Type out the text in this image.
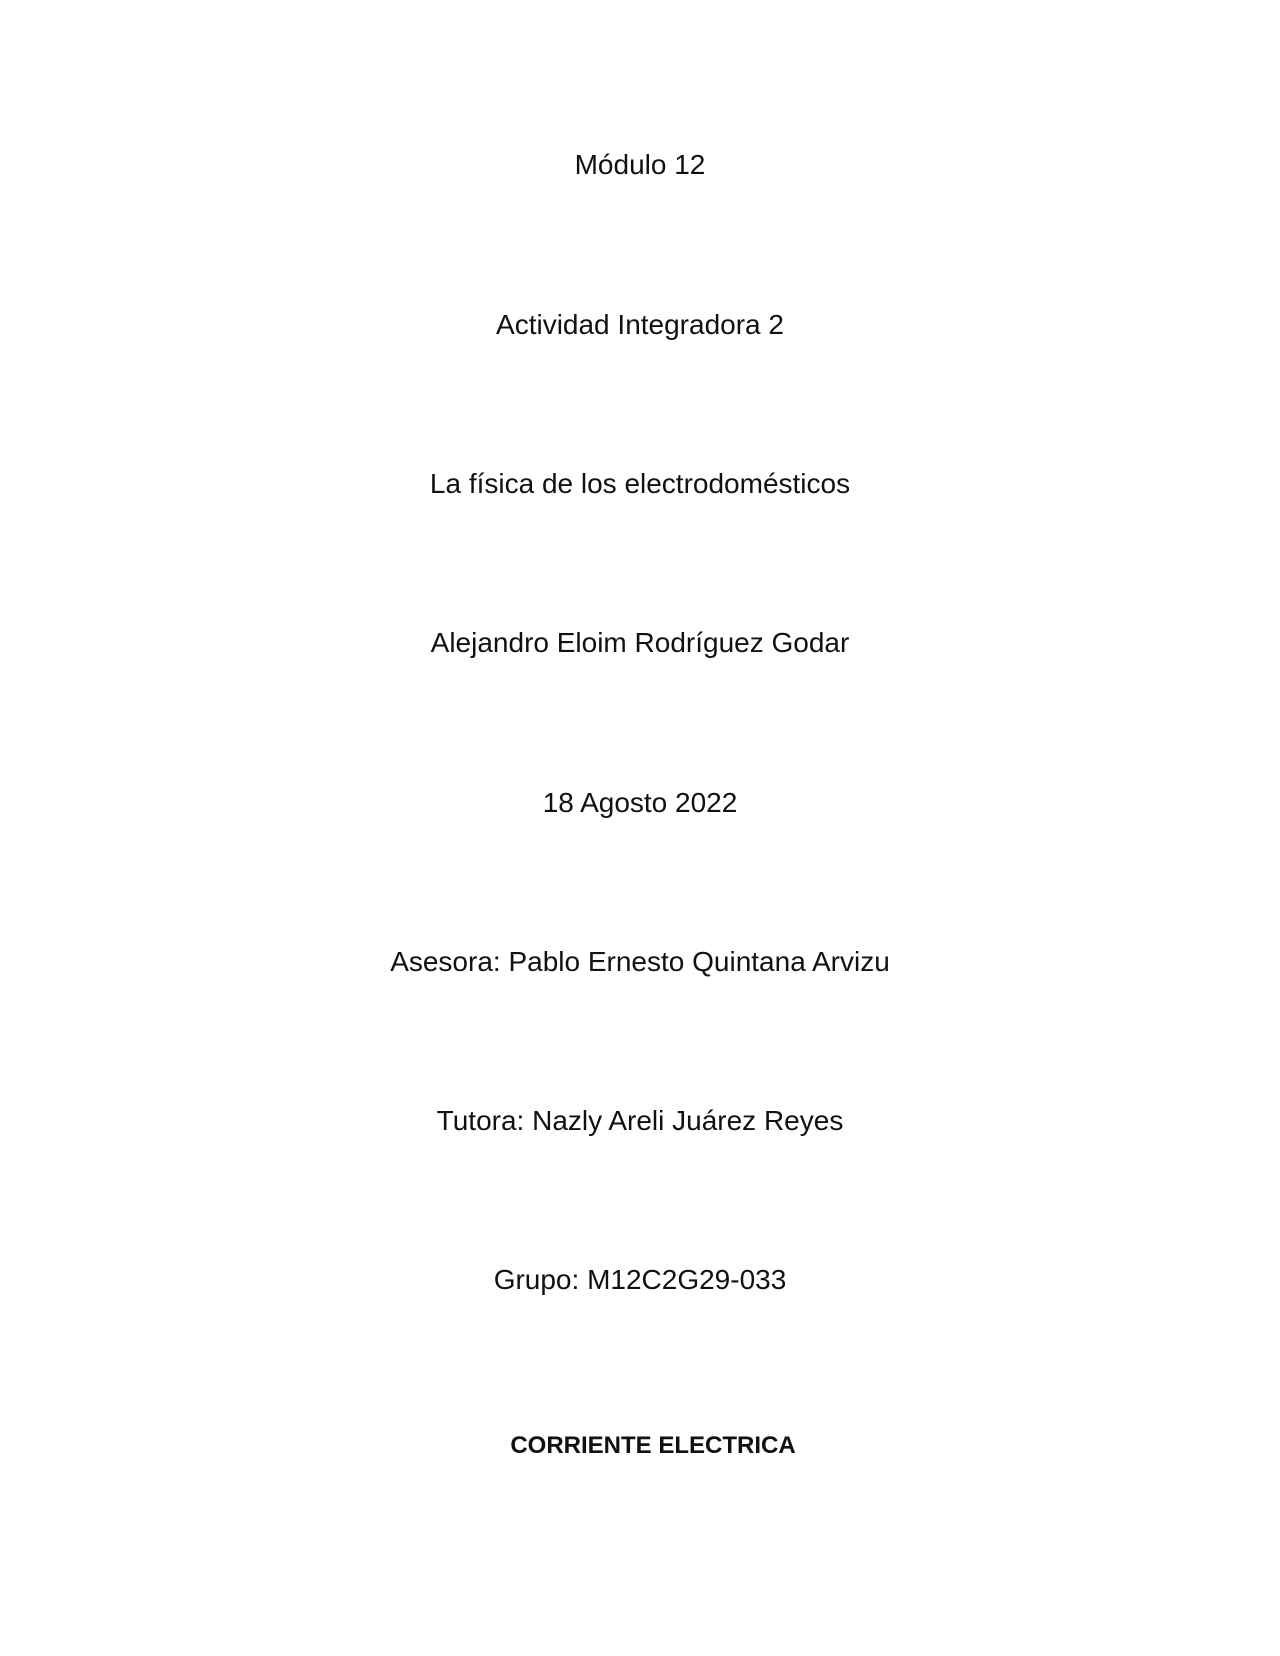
Módulo 12

Actividad Integradora 2

La física de los electrodomésticos

Alejandro Eloim Rodríguez Godar

18 Agosto 2022

Asesora: Pablo Ernesto Quintana Arvizu

Tutora: Nazly Areli Juárez Reyes

Grupo: M12C2G29-033

CORRIENTE ELECTRICA
